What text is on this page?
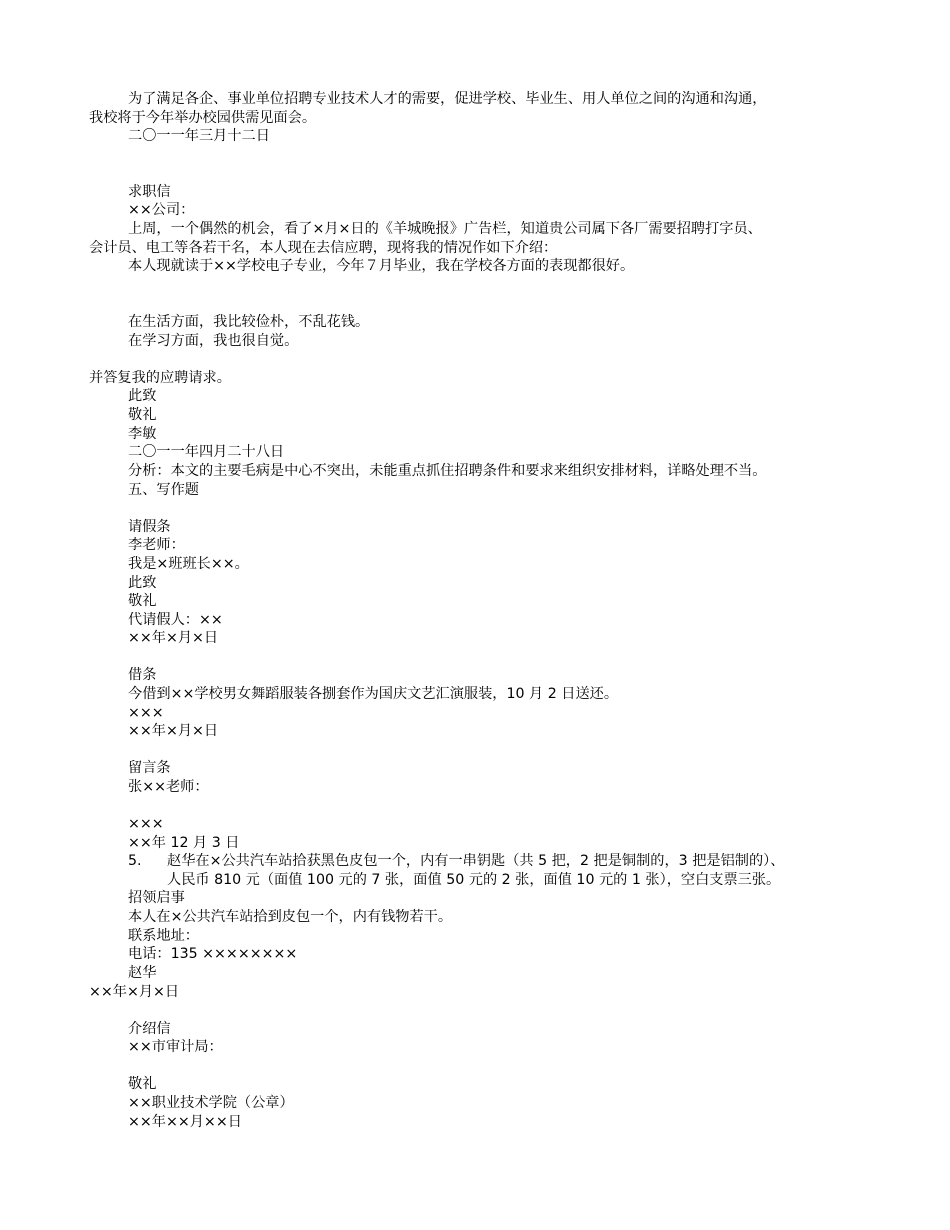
为了满足各企、事业单位招聘专业技术人才的需要，促进学校、毕业生、用人单位之间的沟通和沟通，
我校将于今年举办校园供需见面会。
二〇一一年三月十二日
求职信
××公司：
上周，一个偶然的机会，看了×月×日的《羊城晚报》广告栏，知道贵公司属下各厂需要招聘打字员、
会计员、电工等各若干名，本人现在去信应聘，现将我的情况作如下介绍：
本人现就读于××学校电子专业，今年７月毕业，我在学校各方面的表现都很好。
在生活方面，我比较俭朴，不乱花钱。
在学习方面，我也很自觉。
并答复我的应聘请求。
此致
敬礼
李敏
二〇一一年四月二十八日
分析：本文的主要毛病是中心不突出，未能重点抓住招聘条件和要求来组织安排材料，详略处理不当。
五、写作题
请假条
李老师：
我是×班班长××。
此致
敬礼
代请假人：××
××年×月×日
借条
今借到××学校男女舞蹈服装各捌套作为国庆文艺汇演服装，10 月 2 日送还。
×××
××年×月×日
留言条
张××老师：
×××
××年 12 月 3 日
5. 赵华在×公共汽车站拾获黑色皮包一个，内有一串钥匙（共 5 把，2 把是铜制的，3 把是铝制的）、
人民币 810 元（面值 100 元的 7 张，面值 50 元的 2 张，面值 10 元的 1 张），空白支票三张。
招领启事
本人在×公共汽车站拾到皮包一个，内有钱物若干。
联系地址：
电话：135 ××××××××
赵华
××年×月×日
介绍信
××市审计局：
敬礼
××职业技术学院（公章）
××年××月××日
